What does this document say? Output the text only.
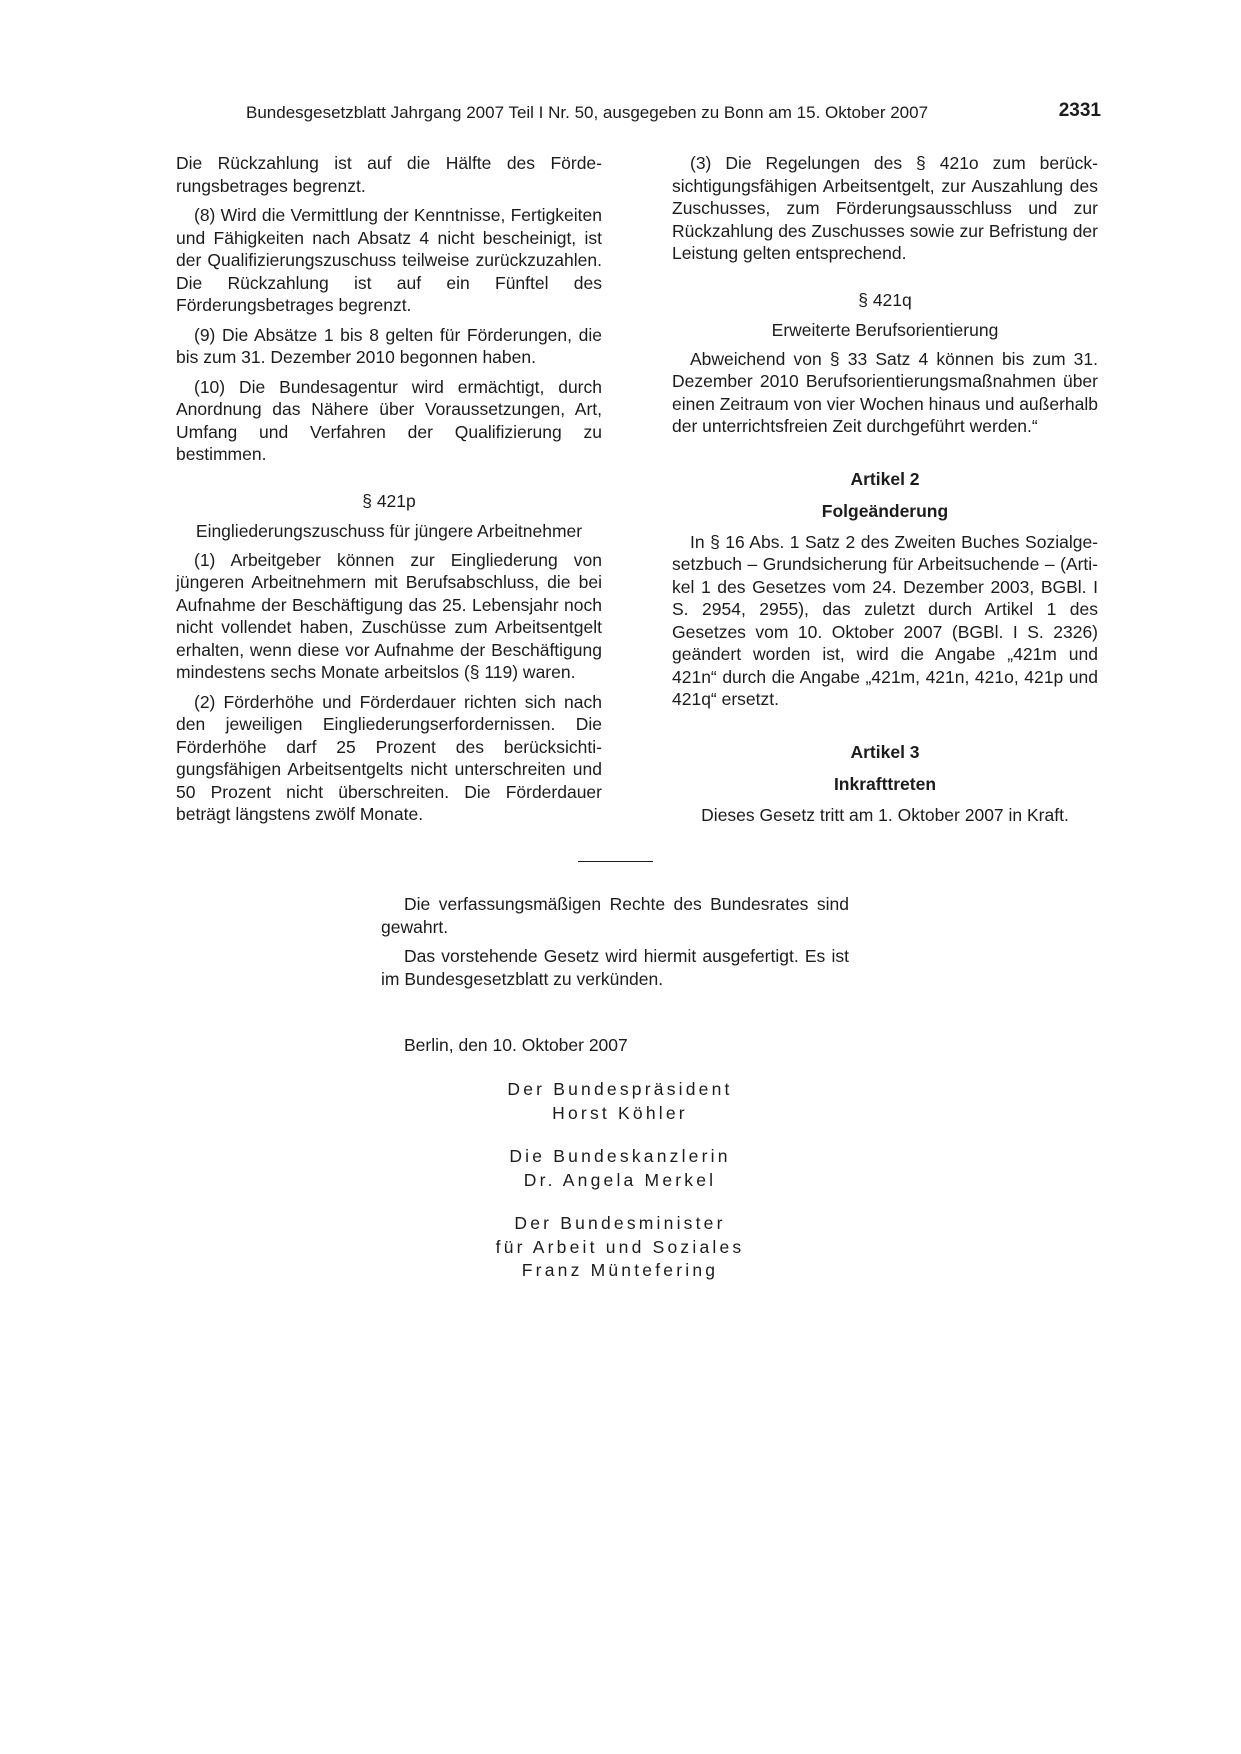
Bundesgesetzblatt Jahrgang 2007 Teil I Nr. 50, ausgegeben zu Bonn am 15. Oktober 2007	2331

Die Rückzahlung ist auf die Hälfte des Förderungsbetrages begrenzt.

(8) Wird die Vermittlung der Kenntnisse, Fertigkeiten und Fähigkeiten nach Absatz 4 nicht bescheinigt, ist der Qualifizierungszuschuss teilweise zurückzuzahlen. Die Rückzahlung ist auf ein Fünftel des Förderungsbetrages begrenzt.

(9) Die Absätze 1 bis 8 gelten für Förderungen, die bis zum 31. Dezember 2010 begonnen haben.

(10) Die Bundesagentur wird ermächtigt, durch Anordnung das Nähere über Voraussetzungen, Art, Umfang und Verfahren der Qualifizierung zu bestimmen.

§ 421p
Eingliederungszuschuss für jüngere Arbeitnehmer

(1) Arbeitgeber können zur Eingliederung von jüngeren Arbeitnehmern mit Berufsabschluss, die bei Aufnahme der Beschäftigung das 25. Lebensjahr noch nicht vollendet haben, Zuschüsse zum Arbeitsentgelt erhalten, wenn diese vor Aufnahme der Beschäftigung mindestens sechs Monate arbeitslos (§ 119) waren.

(2) Förderhöhe und Förderdauer richten sich nach den jeweiligen Eingliederungserfordernissen. Die Förderhöhe darf 25 Prozent des berücksichtigungsfähigen Arbeitsentgelts nicht unterschreiten und 50 Prozent nicht überschreiten. Die Förderdauer beträgt längstens zwölf Monate.

(3) Die Regelungen des § 421o zum berücksichtigungsfähigen Arbeitsentgelt, zur Auszahlung des Zuschusses, zum Förderungsausschluss und zur Rückzahlung des Zuschusses sowie zur Befristung der Leistung gelten entsprechend.

§ 421q
Erweiterte Berufsorientierung

Abweichend von § 33 Satz 4 können bis zum 31. Dezember 2010 Berufsorientierungsmaßnahmen über einen Zeitraum von vier Wochen hinaus und außerhalb der unterrichtsfreien Zeit durchgeführt werden.“

Artikel 2
Folgeänderung

In § 16 Abs. 1 Satz 2 des Zweiten Buches Sozialgesetzbuch – Grundsicherung für Arbeitsuchende – (Artikel 1 des Gesetzes vom 24. Dezember 2003, BGBl. I S. 2954, 2955), das zuletzt durch Artikel 1 des Gesetzes vom 10. Oktober 2007 (BGBl. I S. 2326) geändert worden ist, wird die Angabe „421m und 421n“ durch die Angabe „421m, 421n, 421o, 421p und 421q“ ersetzt.

Artikel 3
Inkrafttreten
Dieses Gesetz tritt am 1. Oktober 2007 in Kraft.

Die verfassungsmäßigen Rechte des Bundesrates sind gewahrt.

Das vorstehende Gesetz wird hiermit ausgefertigt. Es ist im Bundesgesetzblatt zu verkünden.

Berlin, den 10. Oktober 2007
Der Bundespräsident
Horst Köhler
Die Bundeskanzlerin
Dr. Angela Merkel
Der Bundesminister
für Arbeit und Soziales
Franz Müntefering
